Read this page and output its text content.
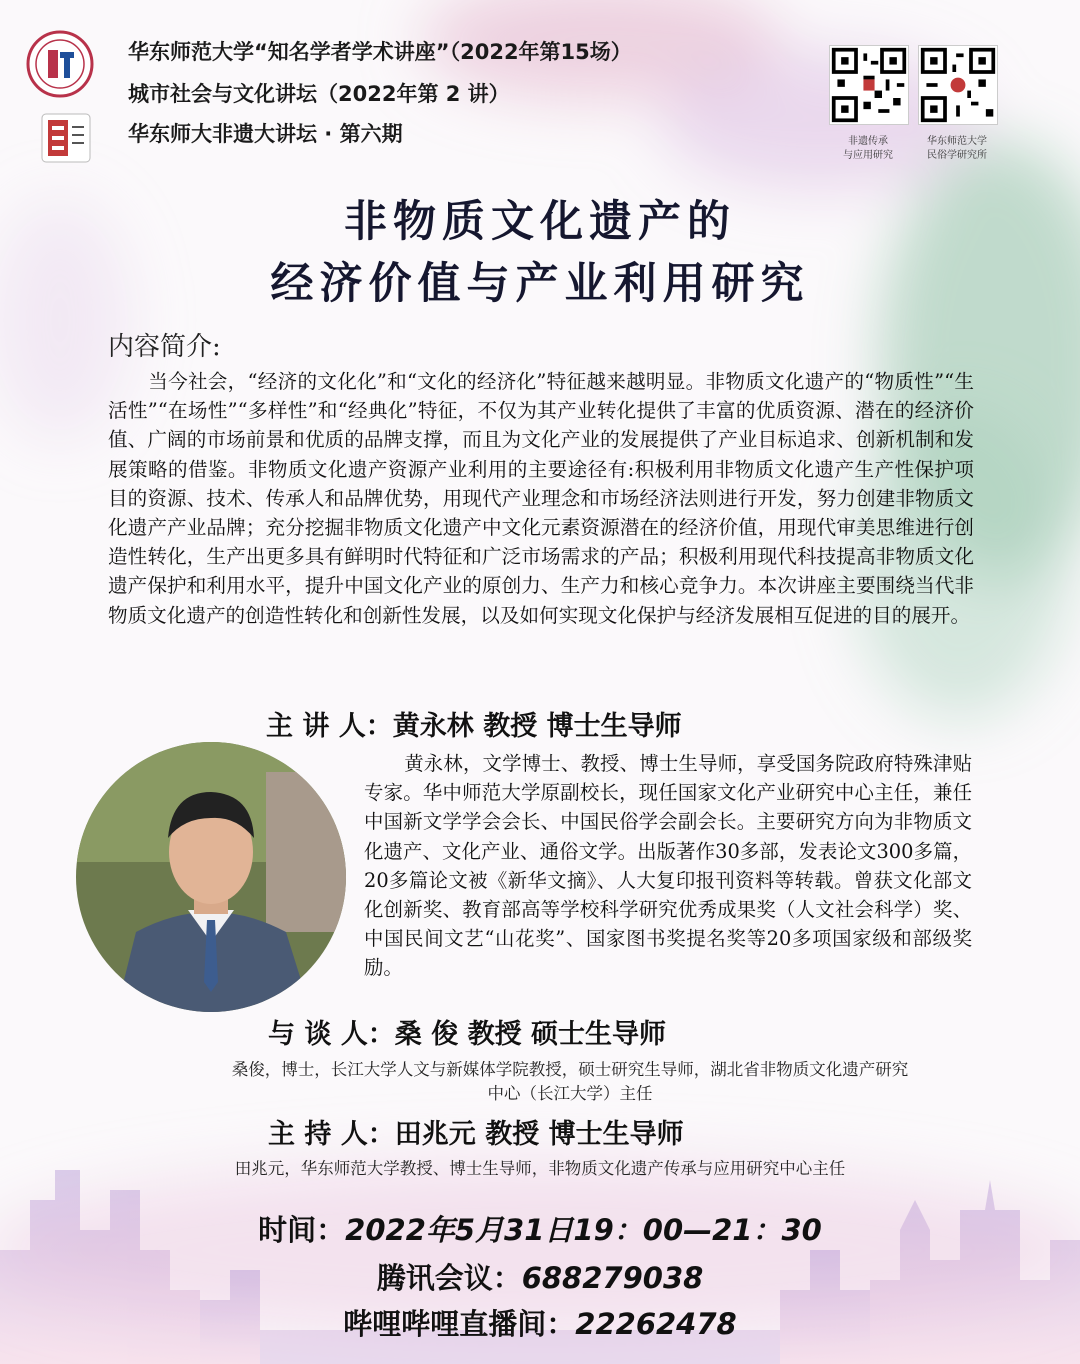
华东师范大学“知名学者学术讲座”（2022年第15场）
城市社会与文化讲坛（2022年第 2 讲）
华东师大非遗大讲坛 · 第六期	非遗传承
与应用研究
华东师范大学
民俗学研究所
非物质文化遗产的
经济价值与产业利用研究
内容简介:

当今社会，“经济的文化化”和“文化的经济化”特征越来越明显。非物质文化遗产的“物质性”“生活性”“在场性”“多样性”和“经典化”特征，不仅为其产业转化提供了丰富的优质资源、潜在的经济价值、广阔的市场前景和优质的品牌支撑，而且为文化产业的发展提供了产业目标追求、创新机制和发展策略的借鉴。非物质文化遗产资源产业利用的主要途径有:积极利用非物质文化遗产生产性保护项目的资源、技术、传承人和品牌优势，用现代产业理念和市场经济法则进行开发，努力创建非物质文化遗产产业品牌；充分挖掘非物质文化遗产中文化元素资源潜在的经济价值，用现代审美思维进行创造性转化，生产出更多具有鲜明时代特征和广泛市场需求的产品；积极利用现代科技提高非物质文化遗产保护和利用水平，提升中国文化产业的原创力、生产力和核心竞争力。本次讲座主要围绕当代非物质文化遗产的创造性转化和创新性发展，以及如何实现文化保护与经济发展相互促进的目的展开。

主 讲 人：黄永林 教授 博士生导师

黄永林，文学博士、教授、博士生导师，享受国务院政府特殊津贴专家。华中师范大学原副校长，现任国家文化产业研究中心主任，兼任中国新文学学会会长、中国民俗学会副会长。主要研究方向为非物质文化遗产、文化产业、通俗文学。出版著作30多部，发表论文300多篇，20多篇论文被《新华文摘》、人大复印报刊资料等转载。曾获文化部文化创新奖、教育部高等学校科学研究优秀成果奖（人文社会科学）奖、中国民间文艺“山花奖”、国家图书奖提名奖等20多项国家级和部级奖励。

与 谈 人：桑 俊 教授 硕士生导师
桑俊，博士，长江大学人文与新媒体学院教授，硕士研究生导师，湖北省非物质文化遗产研究
中心（长江大学）主任
主 持 人：田兆元 教授 博士生导师
田兆元，华东师范大学教授、博士生导师，非物质文化遗产传承与应用研究中心主任
时间：2022年5月31日19：00—21：30
腾讯会议：688279038
哔哩哔哩直播间：22262478
